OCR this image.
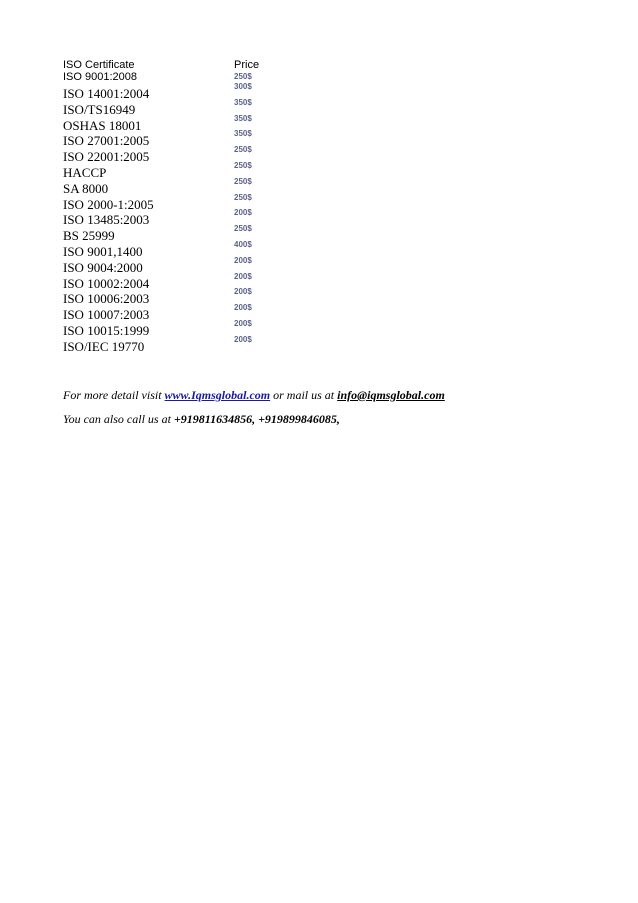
ISO Certificate	Price
ISO 9001:2008	250$
ISO 14001:2004	300$
ISO/TS16949	350$
OSHAS 18001	350$
ISO 27001:2005	350$
ISO 22001:2005	250$
HACCP	250$
SA 8000	250$
ISO 2000-1:2005	250$
ISO 13485:2003	200$
BS 25999	250$
ISO 9001,1400	400$
ISO 9004:2000	200$
ISO 10002:2004	200$
ISO 10006:2003	200$
ISO 10007:2003	200$
ISO 10015:1999	200$
ISO/IEC 19770	200$
For more detail visit www.Iqmsglobal.com or mail us at info@iqmsglobal.com
You can also call us at +919811634856, +919899846085,
